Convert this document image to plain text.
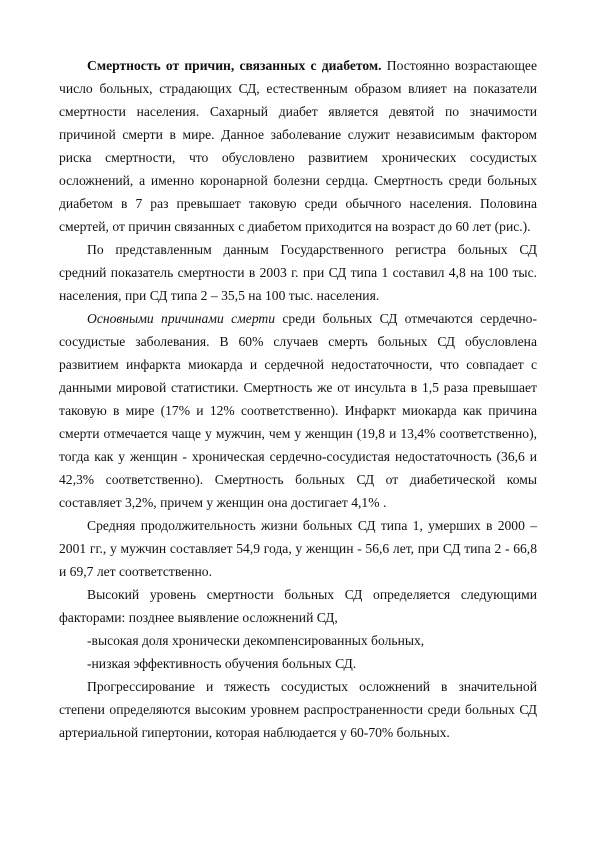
Смертность от причин, связанных с диабетом. Постоянно возрастающее число больных, страдающих СД, естественным образом влияет на показатели смертности населения. Сахарный диабет является девятой по значимости причиной смерти в мире. Данное заболевание служит независимым фактором риска смертности, что обусловлено развитием хронических сосудистых осложнений, а именно коронарной болезни сердца. Смертность среди больных диабетом в 7 раз превышает таковую среди обычного населения. Половина смертей, от причин связанных с диабетом приходится на возраст до 60 лет (рис.).

По представленным данным Государственного регистра больных СД средний показатель смертности в 2003 г. при СД типа 1 составил 4,8 на 100 тыс. населения, при СД типа 2 – 35,5 на 100 тыс. населения.

Основными причинами смерти среди больных СД отмечаются сердечно-сосудистые заболевания. В 60% случаев смерть больных СД обусловлена развитием инфаркта миокарда и сердечной недостаточности, что совпадает с данными мировой статистики. Смертность же от инсульта в 1,5 раза превышает таковую в мире (17% и 12% соответственно). Инфаркт миокарда как причина смерти отмечается чаще у мужчин, чем у женщин (19,8 и 13,4% соответственно), тогда как у женщин - хроническая сердечно-сосудистая недостаточность (36,6 и 42,3% соответственно). Смертность больных СД от диабетической комы составляет 3,2%, причем у женщин она достигает 4,1% .

Средняя продолжительность жизни больных СД типа 1, умерших в 2000 – 2001 гг., у мужчин составляет 54,9 года, у женщин - 56,6 лет, при СД типа 2 - 66,8 и 69,7 лет соответственно.

Высокий уровень смертности больных СД определяется следующими факторами: позднее выявление осложнений СД,

-высокая доля хронически декомпенсированных больных,

-низкая эффективность обучения больных СД.

Прогрессирование и тяжесть сосудистых осложнений в значительной степени определяются высоким уровнем распространенности среди больных СД артериальной гипертонии, которая наблюдается у 60-70% больных.
